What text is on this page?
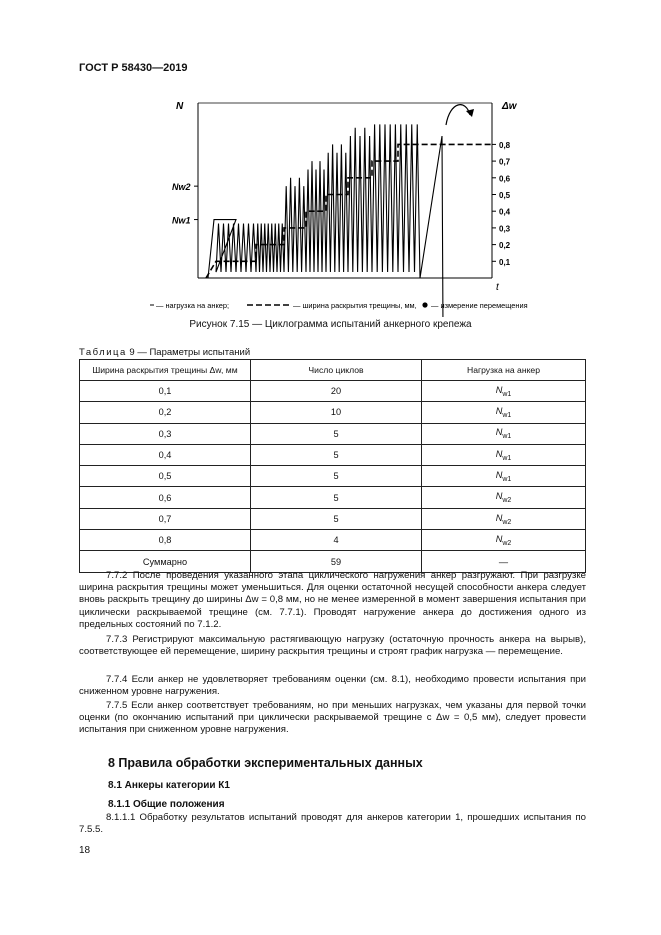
ГОСТ Р 58430—2019
0,1
0,2
0,3
0,4
0,5
0,6
0,7
0,8
Nw2
Nw1
N	Δw
t
— нагрузка на анкер;	— ширина раскрытия трещины, мм, — измерение перемещения
Рисунок 7.15 — Циклограмма испытаний анкерного крепежа
Таблица 9 — Параметры испытаний
Ширина раскрытия трещины Δw, мм	Число циклов	Нагрузка на анкер
0,1	20	$N_{w1}$
0,2	10	$N_{w1}$
0,3	5	$N_{w1}$
0,4	5	$N_{w1}$
0,5	5	$N_{w1}$
0,6	5	$N_{w2}$
0,7	5	$N_{w2}$
0,8	4	$N_{w2}$
Суммарно	59	—
7.7.2 После проведения указанного этапа циклического нагружения анкер разгружают. При разгрузке ширина раскрытия трещины может уменьшиться. Для оценки остаточной несущей способности анкера следует вновь раскрыть трещину до ширины Δw = 0,8 мм, но не менее измеренной в момент завершения испытания при циклически раскрываемой трещине (см. 7.7.1). Проводят нагружение анкера до достижения одного из предельных состояний по 7.1.2.
7.7.3 Регистрируют максимальную растягивающую нагрузку (остаточную прочность анкера на вырыв), соответствующее ей перемещение, ширину раскрытия трещины и строят график нагрузка — перемещение.
7.7.4 Если анкер не удовлетворяет требованиям оценки (см. 8.1), необходимо провести испытания при сниженном уровне нагружения.
7.7.5 Если анкер соответствует требованиям, но при меньших нагрузках, чем указаны для первой точки оценки (по окончанию испытаний при циклически раскрываемой трещине с Δw = 0,5 мм), следует провести испытания при сниженном уровне нагружения.
8 Правила обработки экспериментальных данных
8.1 Анкеры категории К1
8.1.1 Общие положения
8.1.1.1 Обработку результатов испытаний проводят для анкеров категории 1, прошедших испытания по 7.5.5.
18
